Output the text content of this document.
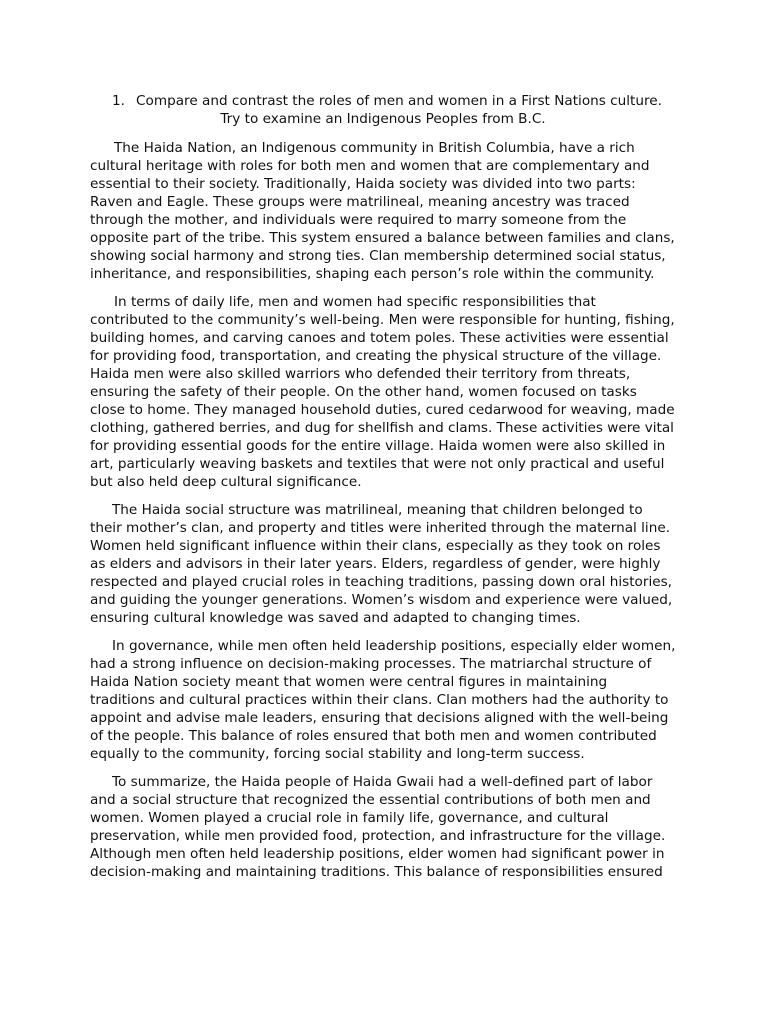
1. Compare and contrast the roles of men and women in a First Nations culture.
Try to examine an Indigenous Peoples from B.C.

The Haida Nation, an Indigenous community in British Columbia, have a rich cultural heritage with roles for both men and women that are complementary and essential to their society. Traditionally, Haida society was divided into two parts: Raven and Eagle. These groups were matrilineal, meaning ancestry was traced through the mother, and individuals were required to marry someone from the opposite part of the tribe. This system ensured a balance between families and clans, showing social harmony and strong ties. Clan membership determined social status, inheritance, and responsibilities, shaping each person’s role within the community.

In terms of daily life, men and women had specific responsibilities that contributed to the community’s well-being. Men were responsible for hunting, fishing, building homes, and carving canoes and totem poles. These activities were essential for providing food, transportation, and creating the physical structure of the village. Haida men were also skilled warriors who defended their territory from threats, ensuring the safety of their people. On the other hand, women focused on tasks close to home. They managed household duties, cured cedarwood for weaving, made clothing, gathered berries, and dug for shellfish and clams. These activities were vital for providing essential goods for the entire village. Haida women were also skilled in art, particularly weaving baskets and textiles that were not only practical and useful but also held deep cultural significance.

The Haida social structure was matrilineal, meaning that children belonged to their mother’s clan, and property and titles were inherited through the maternal line. Women held significant influence within their clans, especially as they took on roles as elders and advisors in their later years. Elders, regardless of gender, were highly respected and played crucial roles in teaching traditions, passing down oral histories, and guiding the younger generations. Women’s wisdom and experience were valued, ensuring cultural knowledge was saved and adapted to changing times.

In governance, while men often held leadership positions, especially elder women, had a strong influence on decision-making processes. The matriarchal structure of Haida Nation society meant that women were central figures in maintaining traditions and cultural practices within their clans. Clan mothers had the authority to appoint and advise male leaders, ensuring that decisions aligned with the well-being of the people. This balance of roles ensured that both men and women contributed equally to the community, forcing social stability and long-term success.

To summarize, the Haida people of Haida Gwaii had a well-defined part of labor and a social structure that recognized the essential contributions of both men and women. Women played a crucial role in family life, governance, and cultural preservation, while men provided food, protection, and infrastructure for the village. Although men often held leadership positions, elder women had significant power in decision-making and maintaining traditions. This balance of responsibilities ensured
